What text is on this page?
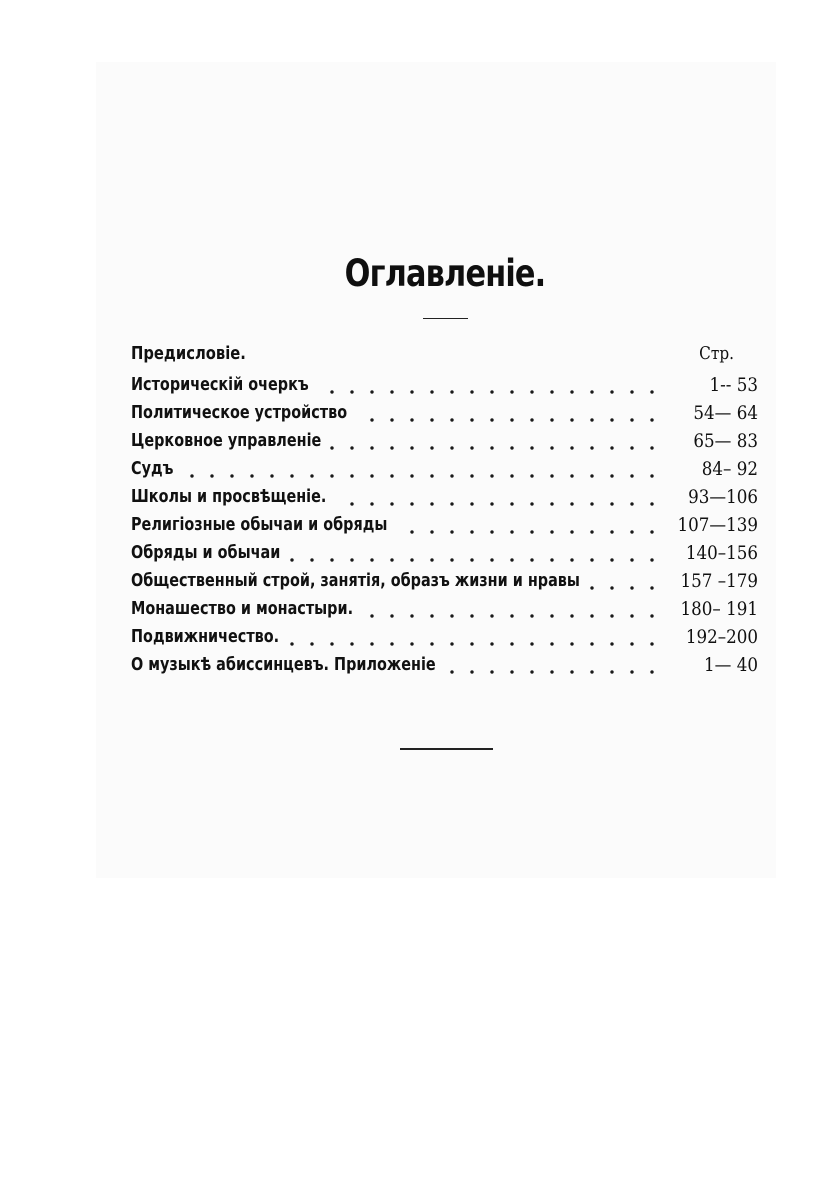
Оглавленіе.
Предисловіе.	Стр.
Историческій очеркъ	1-- 53
Политическое устройство	54— 64
Церковное управленіе	65— 83
Судъ	84– 92
Школы и просвѣщеніе.	93—106
Религіозные обычаи и обряды	107—139
Обряды и обычаи	140–156
Общественный строй, занятія, образъ жизни и нравы	157 –179
Монашество и монастыри.	180– 191
Подвижничество.	192–200
О музыкѣ абиссинцевъ. Приложеніе	1— 40
